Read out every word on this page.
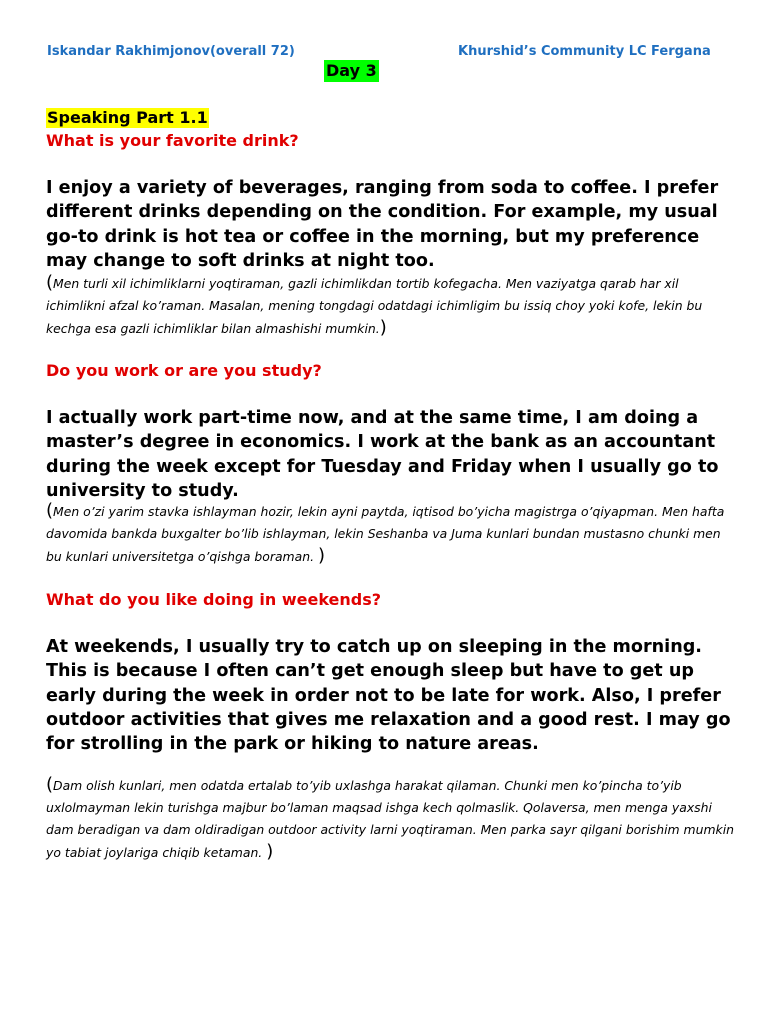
Iskandar Rakhimjonov(overall 72)	Khurshid’s Community LC Fergana

Day 3

Speaking Part 1.1

What is your favorite drink?

I enjoy a variety of beverages, ranging from soda to coffee. I prefer different drinks depending on the condition. For example, my usual go-to drink is hot tea or coffee in the morning, but my preference may change to soft drinks at night too.

(Men turli xil ichimliklarni yoqtiraman, gazli ichimlikdan tortib kofegacha. Men vaziyatga qarab har xil ichimlikni afzal ko’raman. Masalan, mening tongdagi odatdagi ichimligim bu issiq choy yoki kofe, lekin bu kechga esa gazli ichimliklar bilan almashishi mumkin.)

Do you work or are you study?

I actually work part-time now, and at the same time, I am doing a master’s degree in economics. I work at the bank as an accountant during the week except for Tuesday and Friday when I usually go to university to study.

(Men o’zi yarim stavka ishlayman hozir, lekin ayni paytda, iqtisod bo’yicha magistrga o’qiyapman. Men hafta davomida bankda buxgalter bo’lib ishlayman, lekin Seshanba va Juma kunlari bundan mustasno chunki men bu kunlari universitetga o’qishga boraman. )

What do you like doing in weekends?

At weekends, I usually try to catch up on sleeping in the morning. This is because I often can’t get enough sleep but have to get up early during the week in order not to be late for work. Also, I prefer outdoor activities that gives me relaxation and a good rest. I may go for strolling in the park or hiking to nature areas.

(Dam olish kunlari, men odatda ertalab to’yib uxlashga harakat qilaman. Chunki men ko’pincha to’yib uxlolmayman lekin turishga majbur bo’laman maqsad ishga kech qolmaslik. Qolaversa, men menga yaxshi dam beradigan va dam oldiradigan outdoor activity larni yoqtiraman. Men parka sayr qilgani borishim mumkin yo tabiat joylariga chiqib ketaman. )
